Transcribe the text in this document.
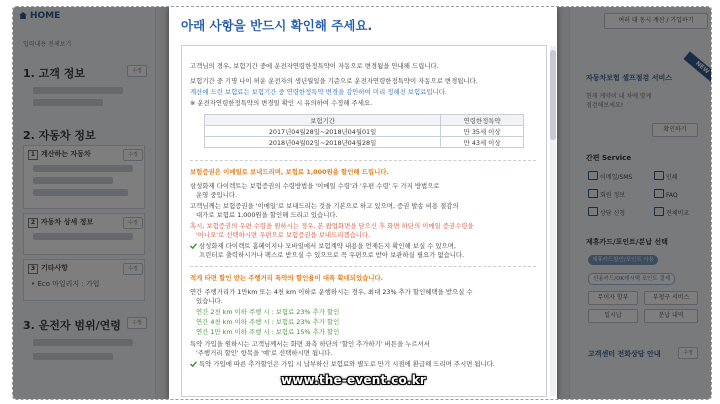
아래 사항을 반드시 확인해 주세요.
고객님의 경우, 보험기간 중에 운전자연령한정특약이 자동으로 변경됨을 안내해 드립니다.
보험기간 중 기명 나이 허운 운전자의 생년월일을 기준으로 운전자연령한정특약이 자동으로 변경됩니다.
계산에 드린 보험료는 보험기간 중 연령한정특약 변경을 감안하여 미리 정해진 보험료입니다.
※ 운전자연령한정특약의 변경일 확인 시 유의하여 수정해 주세요.
보험기간	연령한정특약
2017년04월28일~2018년04월01일	만 35세 이상
2018년04월02일~2018년04월28일	만 43세 이상
보험증권은 이메일로 보내드리며, 보험료 1,000원을 할인해 드립니다.
삼성화재 다이렉트는 보험증권의 수령방법을 '이메일 수령'과 '우편 수령' 두 가지 방법으로
운영 중입니다.
고객님께는 보험증권을 '이메일'로 보내드리는 것을 기본으로 하고 있으며, 증권 발송 비용 절감의
대가로 보험료 1,000원을 할인해 드리고 있습니다.
혹시, 보험증권의 우편 수령을 원하시는 경우, 본 팝업화면을 닫으신 후 화면 하단의 이메일 증권수령을
'아니오'로 선택하시면 우편으로 보험증권을 보내드리겠습니다.
삼성화재 다이렉트 홈페이지나 모바일에서 보험계약 내용을 언제든지 확인해 보실 수 있으며,
프린터로 출력하시거나 팩스로 받으실 수 있으므로 꼭 우편으로 받아 보관하실 필요가 없습니다.
적게 타면 할인 받는 주행거리 특약의 할인율이 대폭 확대되었습니다.
연간 주행거리가 1만km 또는 4천 km 이하로 운행하시는 경우, 최대 23% 추가 할인혜택을 받으실 수
있습니다.
연간 2천 km 이하 주행 시 : 보험료 23% 추가 할인
연간 4천 km 이하 주행 시 : 보험료 23% 추가 할인
연간 1만 km 이하 주행 시 : 보험료 15% 추가 할인
특약 가입을 원하시는 고객님께서는 화면 좌측 하단의 '할인 추가하기' 버튼을 누르셔서
'주행거리 할인' 항목을 '예'로 선택하시면 됩니다.
특약 가입에 따른 추가할인은 가입 시 납부하신 보험료와 별도로 만기 시점에 환급해 드리며 주시면 됩니다.
www.the-event.co.kr
